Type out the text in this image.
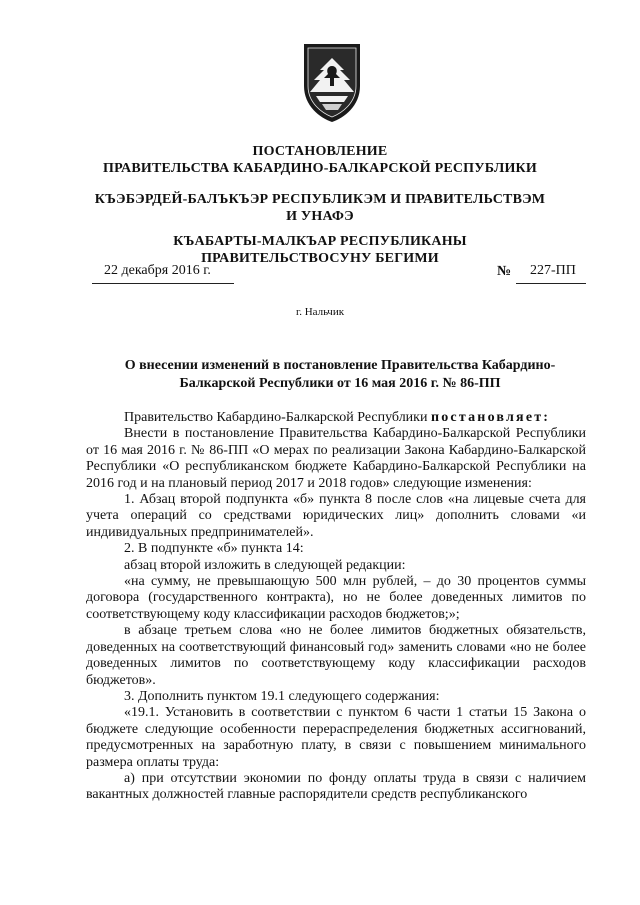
ПОСТАНОВЛЕНИЕ
ПРАВИТЕЛЬСТВА КАБАРДИНО-БАЛКАРСКОЙ РЕСПУБЛИКИ
КЪЭБЭРДЕЙ-БАЛЪКЪЭР РЕСПУБЛИКЭМ И ПРАВИТЕЛЬСТВЭМ И УНАФЭ
КЪАБАРТЫ-МАЛКЪАР РЕСПУБЛИКАНЫ ПРАВИТЕЛЬСТВОСУНУ БЕГИМИ
22 декабря 2016 г.	№ 227-ПП
г. Нальчик
О внесении изменений в постановление Правительства Кабардино-Балкарской Республики от 16 мая 2016 г. № 86-ПП

Правительство Кабардино-Балкарской Республики постановляет:

Внести в постановление Правительства Кабардино-Балкарской Республики от 16 мая 2016 г. № 86-ПП «О мерах по реализации Закона Кабардино-Балкарской Республики «О республиканском бюджете Кабардино-Балкарской Республики на 2016 год и на плановый период 2017 и 2018 годов» следующие изменения:

1. Абзац второй подпункта «б» пункта 8 после слов «на лицевые счета для учета операций со средствами юридических лиц» дополнить словами «и индивидуальных предпринимателей».

2. В подпункте «б» пункта 14:

абзац второй изложить в следующей редакции:

«на сумму, не превышающую 500 млн рублей, – до 30 процентов суммы договора (государственного контракта), но не более доведенных лимитов по соответствующему коду классификации расходов бюджетов;»;

в абзаце третьем слова «но не более лимитов бюджетных обязательств, доведенных на соответствующий финансовый год» заменить словами «но не более доведенных лимитов по соответствующему коду классификации расходов бюджетов».

3. Дополнить пунктом 19.1 следующего содержания:

«19.1. Установить в соответствии с пунктом 6 части 1 статьи 15 Закона о бюджете следующие особенности перераспределения бюджетных ассигнований, предусмотренных на заработную плату, в связи с повышением минимального размера оплаты труда:

а) при отсутствии экономии по фонду оплаты труда в связи с наличием вакантных должностей главные распорядители средств республиканского
